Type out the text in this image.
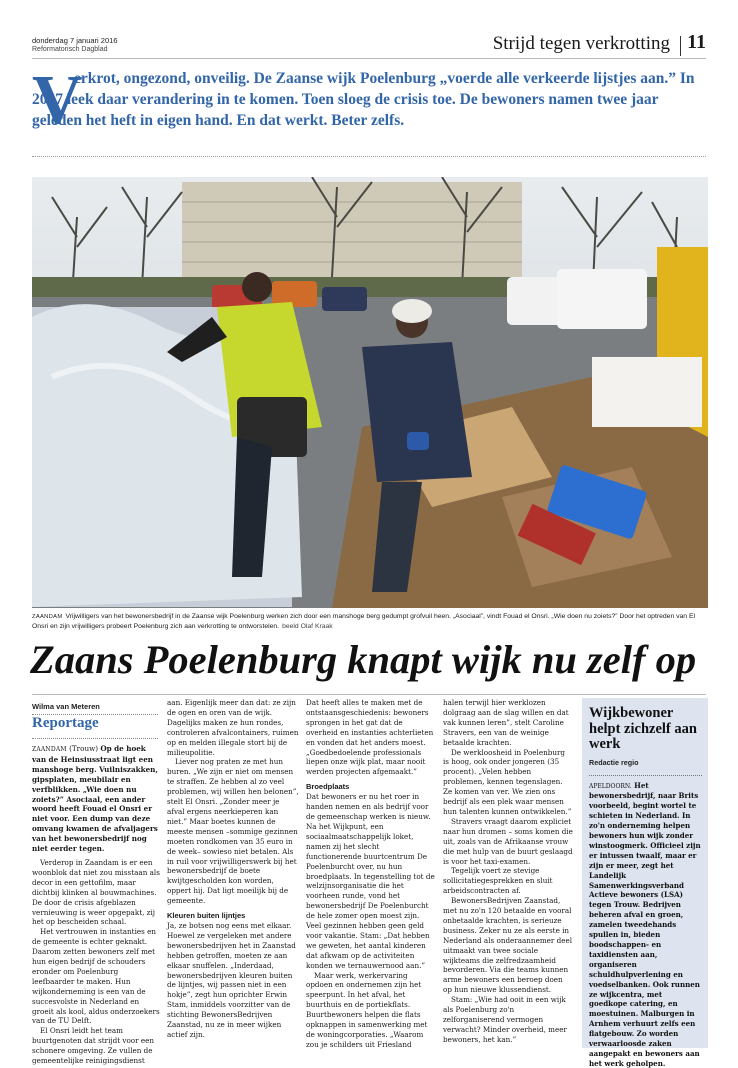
donderdag 7 januari 2016
Reformatorisch Dagblad	Strijd tegen verkrotting 11
V

erkrot, ongezond, onveilig. De Zaanse wijk Poelenburg „voerde alle verkeerde lijstjes aan.” In 2007 leek daar verandering in te komen. Toen sloeg de crisis toe. De bewoners namen twee jaar geleden het heft in eigen hand. En dat werkt. Beter zelfs.

ZAANDAM Vrijwilligers van het bewonersbedrijf in de Zaanse wijk Poelenburg werken zich door een manshoge berg gedumpt grofvuil heen. „Asociaal”, vindt Fouad el Onsri. „Wie doen nu zoiets?” Door het optreden van El Onsri en zijn vrijwilligers probeert Poelenburg zich aan verkrotting te ontworstelen. beeld Olaf Kraak

Zaans Poelenburg knapt wijk nu zelf op
Wilma van Meteren
Reportage

ZAANDAM (Trouw) Op de hoek van de Heinsiusstraat ligt een manshoge berg. Vuilniszakken, gipsplaten, meubilair en verfblikken. „Wie doen nu zoiets?” Asociaal, een ander woord heeft Fouad el Onsri er niet voor. Een dump van deze omvang kwamen de afvaljagers van het bewonersbedrijf nog niet eerder tegen.

Verderop in Zaandam is er een woonblok dat niet zou misstaan als decor in een gettofilm, maar dichtbij klinken al bouwmachines. De door de crisis afgeblazen vernieuwing is weer opgepakt, zij het op bescheiden schaal.

Het vertrouwen in instanties en de gemeente is echter geknakt. Daarom zetten bewoners zelf met hun eigen bedrijf de schouders eronder om Poelenburg leefbaarder te maken. Hun wijkonderneming is een van de succesvolste in Nederland en groeit als kool, aldus onderzoekers van de TU Delft.

El Onsri leidt het team buurtgenoten dat strijdt voor een schonere omgeving. Ze vullen de gemeentelijke reinigingsdienst

aan. Eigenlijk meer dan dat: ze zijn de ogen en oren van de wijk. Dagelijks maken ze hun rondes, controleren afvalcontainers, ruimen op en melden illegale stort bij de milieupolitie.

Liever nog praten ze met hun buren. „We zijn er niet om mensen te straffen. Ze hebben al zo veel problemen, wij willen hen belonen”, stelt El Onsri. „Zonder meer je afval ergens neerkieperen kan niet.” Maar boetes kunnen de meeste mensen –sommige gezinnen moeten rondkomen van 35 euro in de week– sowieso niet betalen. Als in ruil voor vrijwilligerswerk bij het bewonersbedrijf de boete kwijtgescholden kon worden, oppert hij. Dat ligt moeilijk bij de gemeente.

Kleuren buiten lijntjes

Ja, ze botsen nog eens met elkaar. Hoewel ze vergeleken met andere bewonersbedrijven het in Zaanstad hebben getroffen, moeten ze aan elkaar snuffelen. „Inderdaad, bewonersbedrijven kleuren buiten de lijntjes, wij passen niet in een hokje”, zegt hun oprichter Erwin Stam, inmiddels voorzitter van de stichting BewonersBedrijven Zaanstad, nu ze in meer wijken actief zijn.

Dat heeft alles te maken met de ontstaansgeschiedenis: bewoners sprongen in het gat dat de overheid en instanties achterlieten en vonden dat het anders moest. „Goedbedoelende professionals liepen onze wijk plat, maar nooit werden projecten afgemaakt.”

Broedplaats

Dat bewoners er nu het roer in handen nemen en als bedrijf voor de gemeenschap werken is nieuw. Na het Wijkpunt, een sociaalmaatschappelijk loket, namen zij het slecht functionerende buurtcentrum De Poelenburcht over, nu hun broedplaats. In tegenstelling tot de welzijnsorganisatie die het voorheen runde, vond het bewonersbedrijf De Poelenburcht de hele zomer open moest zijn. Veel gezinnen hebben geen geld voor vakantie. Stam: „Dat hebben we geweten, het aantal kinderen dat afkwam op de activiteiten konden we ternauwernood aan.”

Maar werk, werkervaring opdoen en ondernemen zijn het speerpunt. In het afval, het buurthuis en de portiekflats. Buurtbewoners helpen die flats opknappen in samenwerking met de woningcorporaties. „Waarom zou je schilders uit Friesland

halen terwijl hier werklozen dolgraag aan de slag willen en dat vak kunnen leren”, stelt Caroline Stravers, een van de weinige betaalde krachten.

De werkloosheid in Poelenburg is hoog, ook onder jongeren (35 procent). „Velen hebben problemen, kennen tegenslagen. Ze komen van ver. We zien ons bedrijf als een plek waar mensen hun talenten kunnen ontwikkelen.”

Stravers vraagt daarom expliciet naar hun dromen – soms komen die uit, zoals van de Afrikaanse vrouw die met hulp van de buurt geslaagd is voor het taxi-examen.

Tegelijk voert ze stevige sollicitatiegesprekken en sluit arbeidscontracten af.

BewonersBedrijven Zaanstad, met nu zo'n 120 betaalde en vooral onbetaalde krachten, is serieuze business. Zeker nu ze als eerste in Nederland als onderaannemer deel uitmaakt van twee sociale wijkteams die zelfredzaamheid bevorderen. Via die teams kunnen arme bewoners een beroep doen op hun nieuwe klussendienst.

Stam: „Wie had ooit in een wijk als Poelenburg zo'n zelforganiserend vermogen verwacht? Minder overheid, meer bewoners, het kan.”

Wijkbewoner helpt zichzelf aan werk
Redactie regio

APELDOORN. Het bewonersbedrijf, naar Brits voorbeeld, begint wortel te schieten in Nederland. In zo'n onderneming helpen bewoners hun wijk zonder winstoogmerk. Officieel zijn er intussen twaalf, maar er zijn er meer, zegt het Landelijk Samenwerkingsverband Actieve bewoners (LSA) tegen Trouw. Bedrijven beheren afval en groen, zamelen tweedehands spullen in, bieden boodschappen- en taxidiensten aan, organiseren schuldhulpverlening en voedselbanken. Ook runnen ze wijkcentra, met goedkope catering, en moestuinen. Malburgen in Arnhem verhuurt zelfs een flatgebouw. Zo worden verwaarloosde zaken aangepakt en bewoners aan het werk geholpen.
